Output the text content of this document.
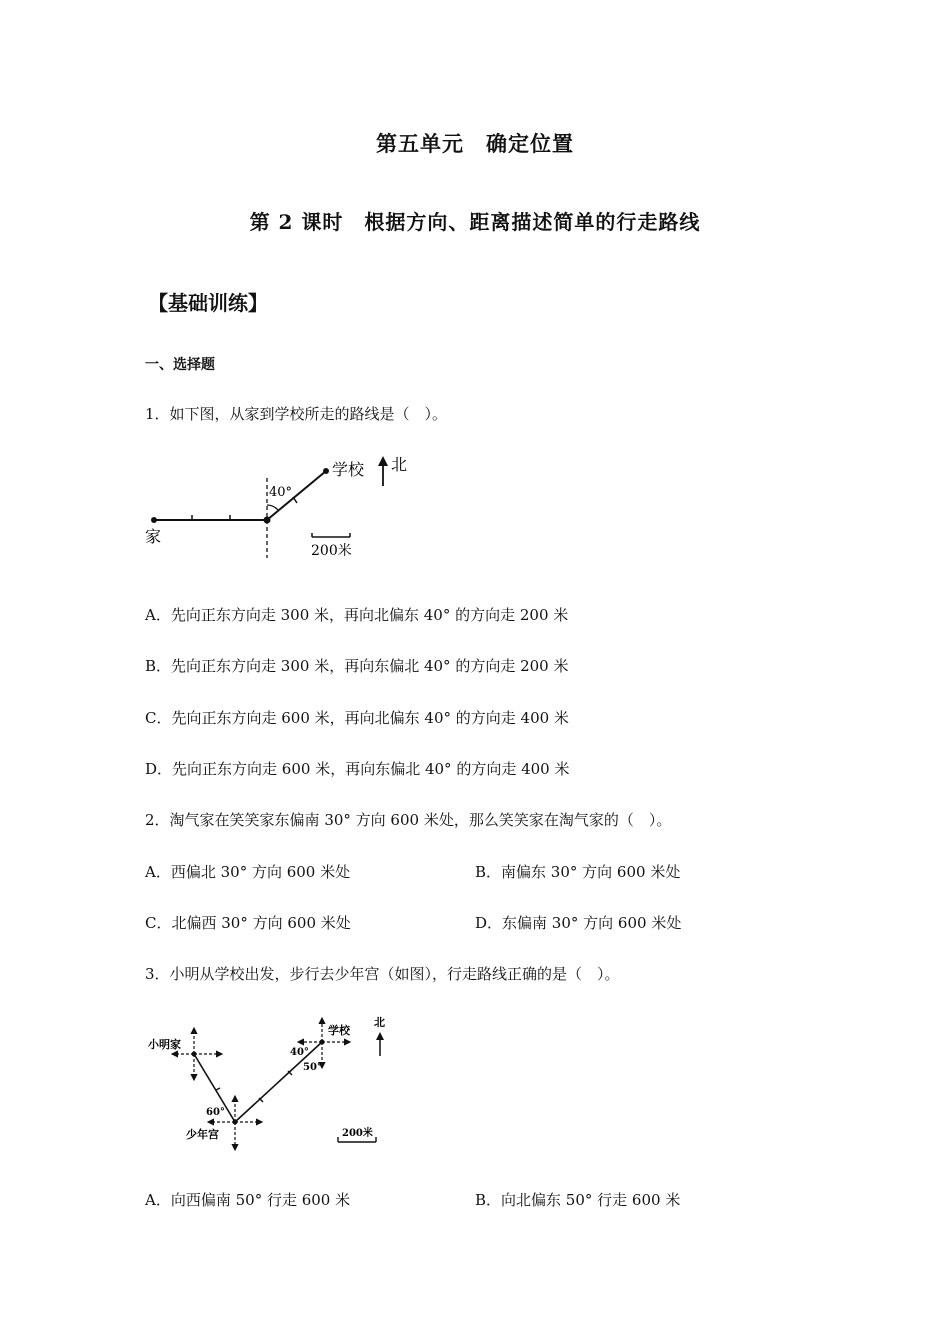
第五单元　确定位置
第 2 课时　根据方向、距离描述简单的行走路线
【基础训练】
一、选择题
1．如下图，从家到学校所走的路线是（　）。
40°
家
学校 北
200米
A．先向正东方向走 300 米，再向北偏东 40° 的方向走 200 米
B．先向正东方向走 300 米，再向东偏北 40° 的方向走 200 米
C．先向正东方向走 600 米，再向北偏东 40° 的方向走 400 米
D．先向正东方向走 600 米，再向东偏北 40° 的方向走 400 米
2．淘气家在笑笑家东偏南 30° 方向 600 米处，那么笑笑家在淘气家的（　）。
A．西偏北 30° 方向 600 米处	B．南偏东 30° 方向 600 米处
C．北偏西 30° 方向 600 米处	D．东偏南 30° 方向 600 米处
3．小明从学校出发，步行去少年宫（如图），行走路线正确的是（　）。
小明家
学校
40°
50°
60°
少年宫
北
200米
A．向西偏南 50° 行走 600 米	B．向北偏东 50° 行走 600 米
